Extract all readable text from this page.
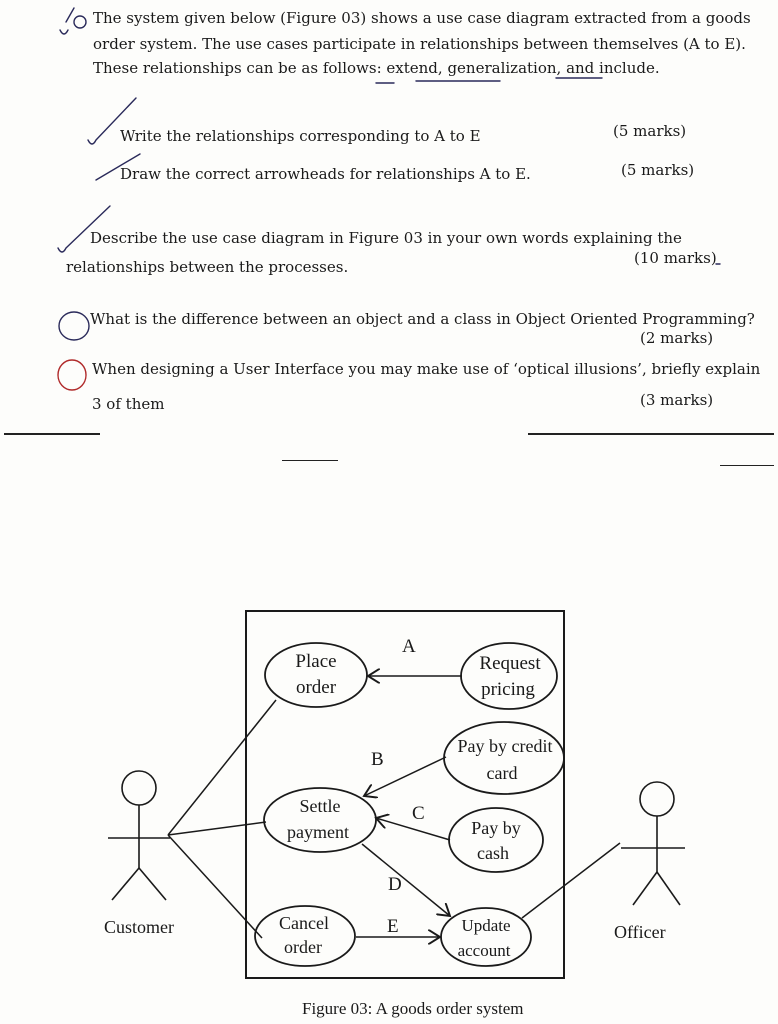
The system given below (Figure 03) shows a use case diagram extracted from a goods
order system. The use cases participate in relationships between themselves (A to E).
These relationships can be as follows: extend, generalization, and include.
Write the relationships corresponding to A to E	(5 marks)
Draw the correct arrowheads for relationships A to E.	(5 marks)
Describe the use case diagram in Figure 03 in your own words explaining the
relationships between the processes.	(10 marks)
What is the difference between an object and a class in Object Oriented Programming?
(2 marks)
When designing a User Interface you may make use of ‘optical illusions’, briefly explain
3 of them	(3 marks)
Customer	Officer
A
B
C
D
E
Place
order
Request
pricing
Pay by credit
card
Settle
payment	Pay by
cash
Cancel
order
Update
account
Figure 03: A goods order system
